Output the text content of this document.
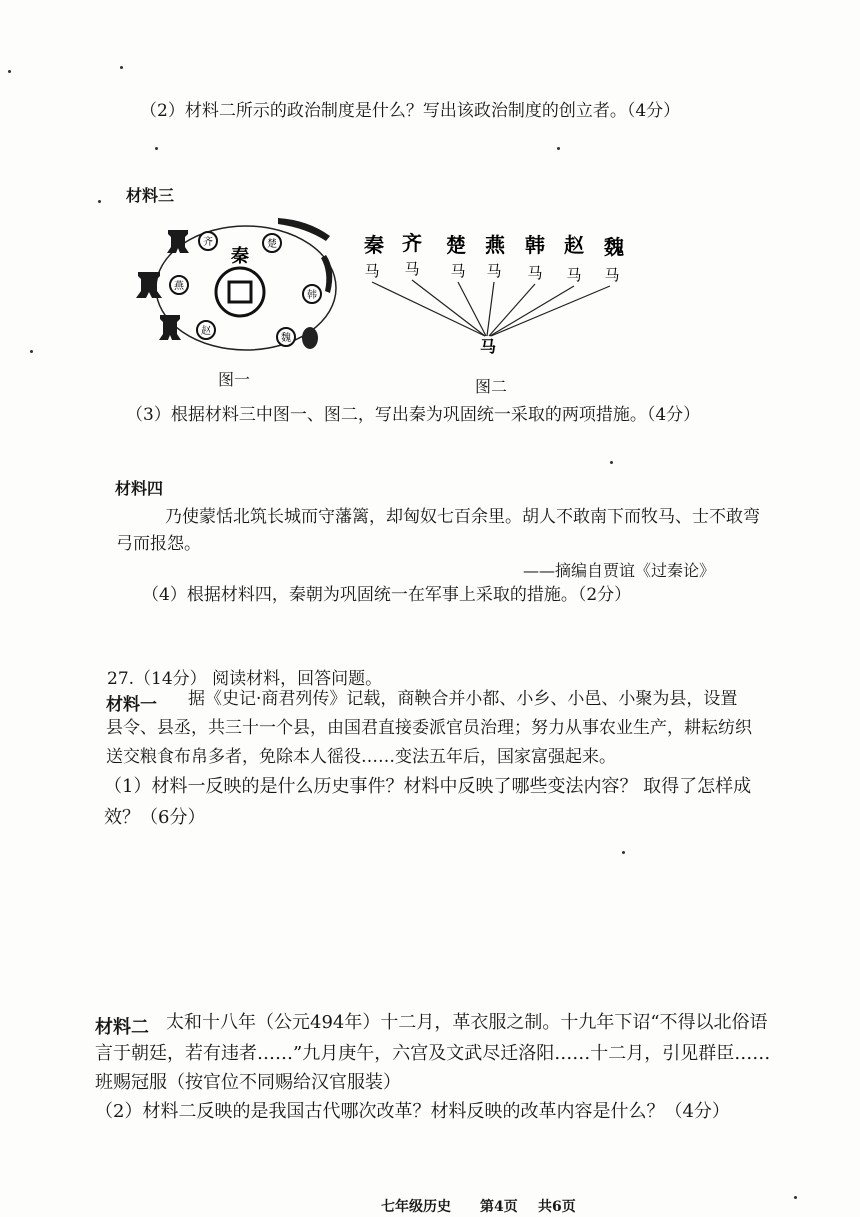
（2）材料二所示的政治制度是什么？写出该政治制度的创立者。（4分）
材料三
秦
齐	楚
燕
韩
赵
魏
图一
秦 齐 楚 燕 韩 赵 魏
马 马 马 马 马 马 马
马
图二
（3）根据材料三中图一、图二，写出秦为巩固统一采取的两项措施。（4分）
材料四
乃使蒙恬北筑长城而守藩篱，却匈奴七百余里。胡人不敢南下而牧马、士不敢弯
弓而报怨。
——摘编自贾谊《过秦论》
（4）根据材料四，秦朝为巩固统一在军事上采取的措施。（2分）
27.（14分） 阅读材料，回答问题。
材料一 据《史记·商君列传》记载，商鞅合并小都、小乡、小邑、小聚为县，设置
县令、县丞，共三十一个县，由国君直接委派官员治理；努力从事农业生产，耕耘纺织
送交粮食布帛多者，免除本人徭役……变法五年后，国家富强起来。
（1）材料一反映的是什么历史事件？材料中反映了哪些变法内容？ 取得了怎样成
效？（6分）
材料二 太和十八年（公元494年）十二月，革衣服之制。十九年下诏“不得以北俗语
言于朝廷，若有违者……”九月庚午，六宫及文武尽迁洛阳……十二月，引见群臣……
班赐冠服（按官位不同赐给汉官服装）
（2）材料二反映的是我国古代哪次改革？材料反映的改革内容是什么？（4分）
七年级历史 第4页 共6页
